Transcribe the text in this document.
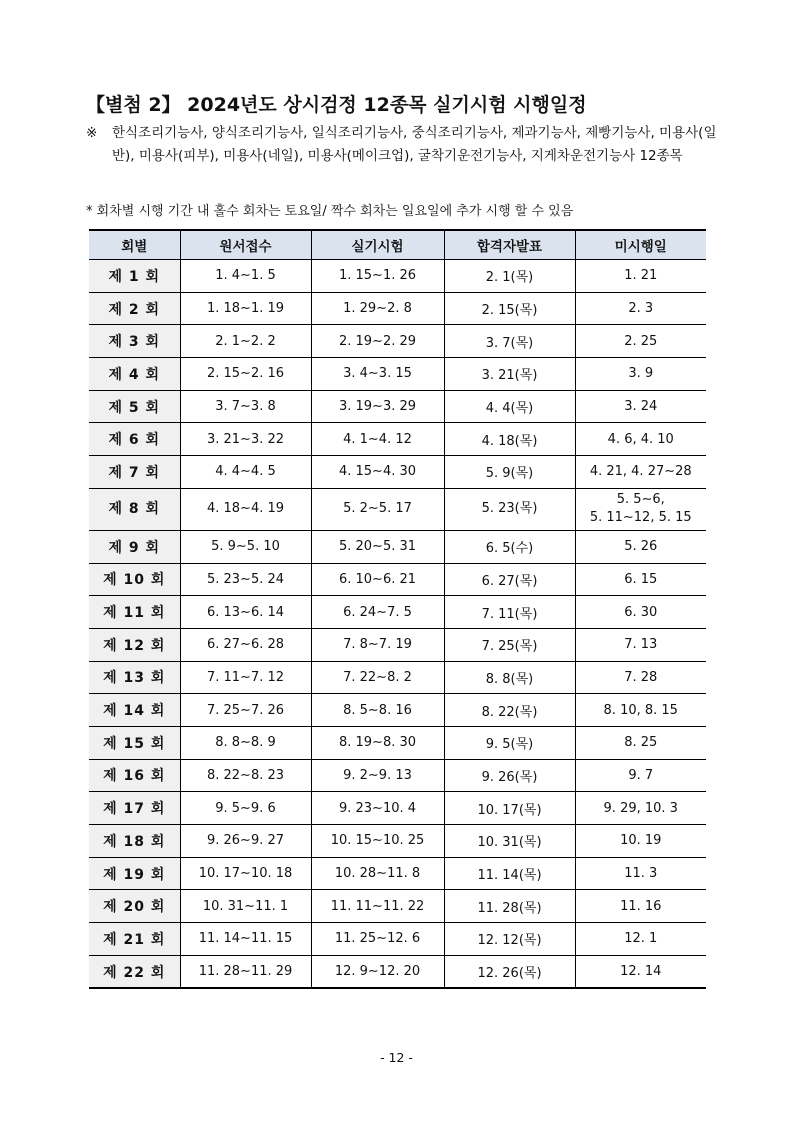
【별첨 2】 2024년도 상시검정 12종목 실기시험 시행일정
※	한식조리기능사, 양식조리기능사, 일식조리기능사, 중식조리기능사, 제과기능사, 제빵기능사, 미용사(일반), 미용사(피부), 미용사(네일), 미용사(메이크업), 굴착기운전기능사, 지게차운전기능사 12종목
* 회차별 시행 기간 내 홀수 회차는 토요일/ 짝수 회차는 일요일에 추가 시행 할 수 있음
회별	원서접수	실기시험	합격자발표	미시행일
제 1 회	1. 4∼1. 5	1. 15∼1. 26	2. 1(목)	1. 21
제 2 회	1. 18∼1. 19	1. 29∼2. 8	2. 15(목)	2. 3
제 3 회	2. 1∼2. 2	2. 19∼2. 29	3. 7(목)	2. 25
제 4 회	2. 15∼2. 16	3. 4∼3. 15	3. 21(목)	3. 9
제 5 회	3. 7∼3. 8	3. 19∼3. 29	4. 4(목)	3. 24
제 6 회	3. 21∼3. 22	4. 1∼4. 12	4. 18(목)	4. 6, 4. 10
제 7 회	4. 4∼4. 5	4. 15∼4. 30	5. 9(목)	4. 21, 4. 27∼28
제 8 회	4. 18∼4. 19	5. 2∼5. 17	5. 23(목)	5. 5∼6,
5. 11∼12, 5. 15

제 9 회	5. 9∼5. 10	5. 20∼5. 31	6. 5(수)	5. 26
제 10 회	5. 23∼5. 24	6. 10∼6. 21	6. 27(목)	6. 15
제 11 회	6. 13∼6. 14	6. 24∼7. 5	7. 11(목)	6. 30
제 12 회	6. 27∼6. 28	7. 8∼7. 19	7. 25(목)	7. 13
제 13 회	7. 11∼7. 12	7. 22∼8. 2	8. 8(목)	7. 28
제 14 회	7. 25∼7. 26	8. 5∼8. 16	8. 22(목)	8. 10, 8. 15
제 15 회	8. 8∼8. 9	8. 19∼8. 30	9. 5(목)	8. 25
제 16 회	8. 22∼8. 23	9. 2∼9. 13	9. 26(목)	9. 7
제 17 회	9. 5∼9. 6	9. 23∼10. 4	10. 17(목)	9. 29, 10. 3
제 18 회	9. 26∼9. 27	10. 15∼10. 25	10. 31(목)	10. 19
제 19 회	10. 17∼10. 18	10. 28∼11. 8	11. 14(목)	11. 3
제 20 회	10. 31∼11. 1	11. 11∼11. 22	11. 28(목)	11. 16
제 21 회	11. 14∼11. 15	11. 25∼12. 6	12. 12(목)	12. 1
제 22 회	11. 28∼11. 29	12. 9∼12. 20	12. 26(목)	12. 14
- 12 -
